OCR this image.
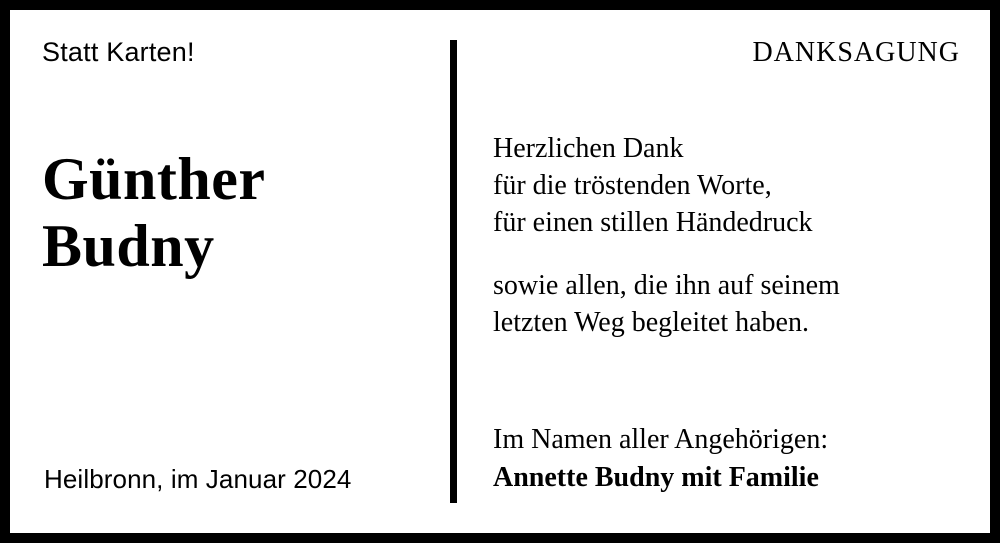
Statt Karten!
Günther
Budny
Heilbronn, im Januar 2024
DANKSAGUNG
Herzlichen Dank
für die tröstenden Worte,
für einen stillen Händedruck
sowie allen, die ihn auf seinem
letzten Weg begleitet haben.
Im Namen aller Angehörigen:
Annette Budny mit Familie
